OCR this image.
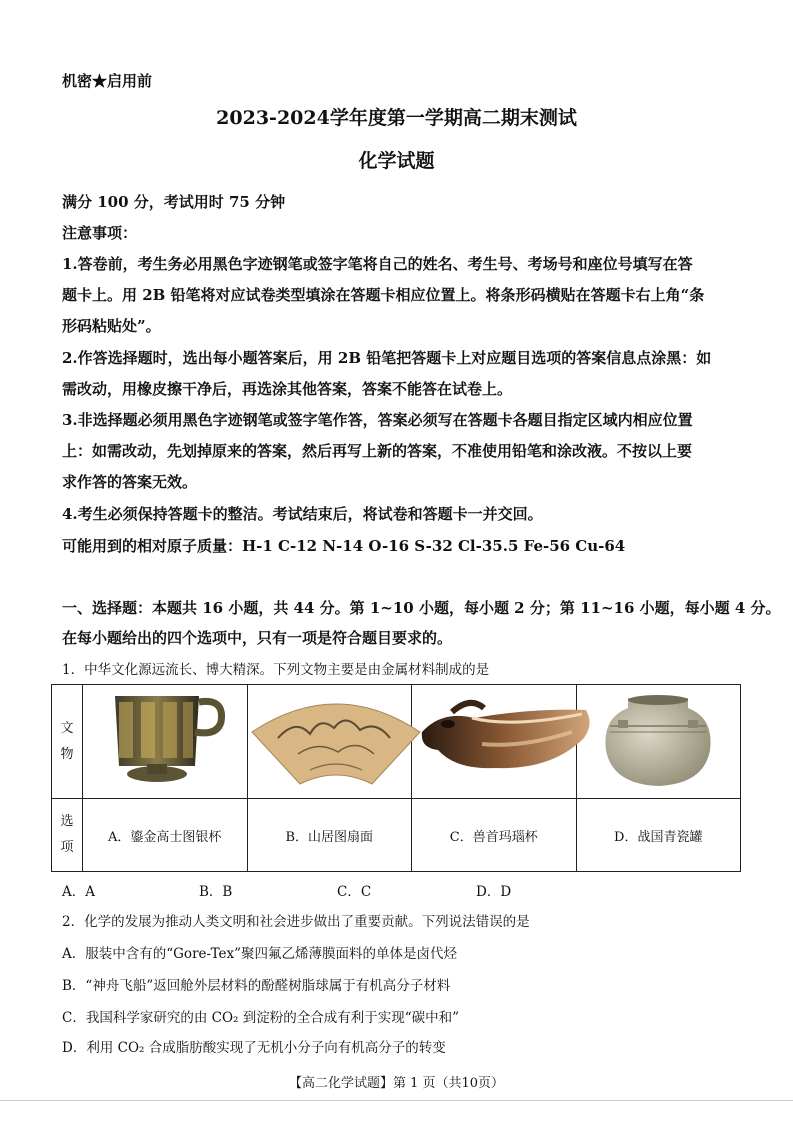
机密★启用前
2023-2024学年度第一学期高二期末测试
化学试题
满分 100 分，考试用时 75 分钟
注意事项：
1.答卷前，考生务必用黑色字迹钢笔或签字笔将自己的姓名、考生号、考场号和座位号填写在答
题卡上。用 2B 铅笔将对应试卷类型填涂在答题卡相应位置上。将条形码横贴在答题卡右上角“条
形码粘贴处”。
2.作答选择题时，选出每小题答案后，用 2B 铅笔把答题卡上对应题目选项的答案信息点涂黑：如
需改动，用橡皮擦干净后，再选涂其他答案，答案不能答在试卷上。
3.非选择题必须用黑色字迹钢笔或签字笔作答，答案必须写在答题卡各题目指定区域内相应位置
上：如需改动，先划掉原来的答案，然后再写上新的答案，不准使用铅笔和涂改液。不按以上要
求作答的答案无效。
4.考生必须保持答题卡的整洁。考试结束后，将试卷和答题卡一并交回。
可能用到的相对原子质量：H-1 C-12 N-14 O-16 S-32 Cl-35.5 Fe-56 Cu-64
一、选择题：本题共 16 小题，共 44 分。第 1~10 小题，每小题 2 分；第 11~16 小题，每小题 4 分。
在每小题给出的四个选项中，只有一项是符合题目要求的。
1．中华文化源远流长、博大精深。下列文物主要是由金属材料制成的是
文
物

选
项	A．鎏金高士图银杯	B．山居图扇面	C．兽首玛瑙杯	D．战国青瓷罐
A．A	B．B	C．C	D．D
2．化学的发展为推动人类文明和社会进步做出了重要贡献。下列说法错误的是
A．服装中含有的“Gore-Tex”聚四氟乙烯薄膜面料的单体是卤代烃
B．“神舟飞船”返回舱外层材料的酚醛树脂球属于有机高分子材料
C．我国科学家研究的由 CO₂ 到淀粉的全合成有利于实现“碳中和”
D．利用 CO₂ 合成脂肪酸实现了无机小分子向有机高分子的转变
【高二化学试题】第 1 页（共10页）
